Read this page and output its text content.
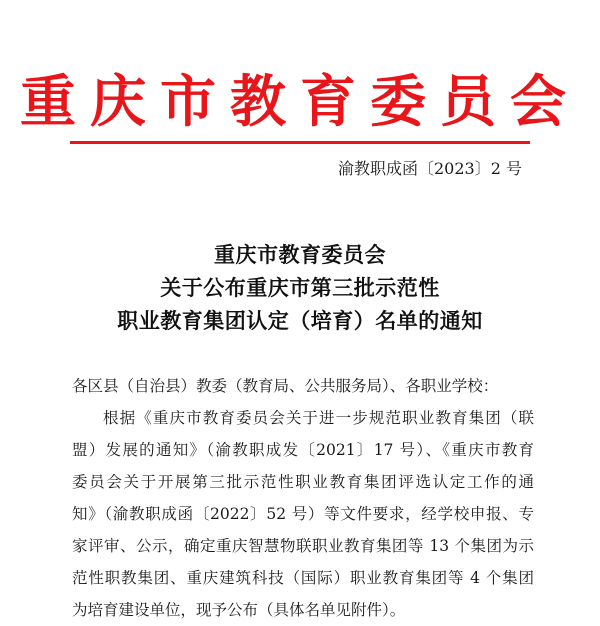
重庆市教育委员会
渝教职成函〔2023〕2 号
重庆市教育委员会
关于公布重庆市第三批示范性
职业教育集团认定（培育）名单的通知
各区县（自治县）教委（教育局、公共服务局）、各职业学校：
根据《重庆市教育委员会关于进一步规范职业教育集团（联
盟）发展的通知》（渝教职成发〔2021〕17 号）、《重庆市教育
委员会关于开展第三批示范性职业教育集团评选认定工作的通
知》（渝教职成函〔2022〕52 号）等文件要求，经学校申报、专
家评审、公示，确定重庆智慧物联职业教育集团等 13 个集团为示
范性职教集团、重庆建筑科技（国际）职业教育集团等 4 个集团
为培育建设单位，现予公布（具体名单见附件）。
